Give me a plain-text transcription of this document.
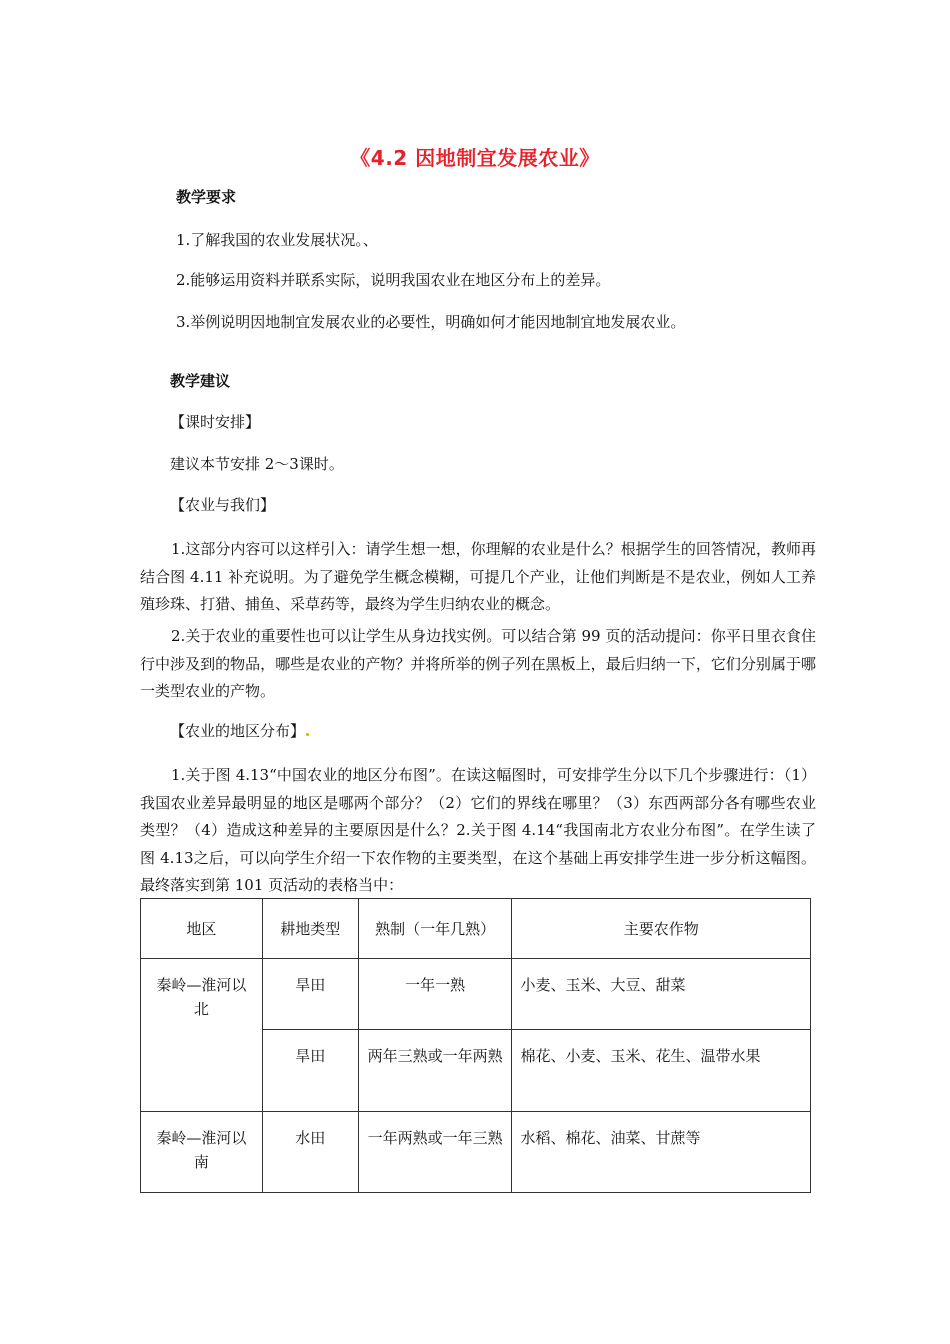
《4.2 因地制宜发展农业》
教学要求
1.了解我国的农业发展状况。、
2.能够运用资料并联系实际，说明我国农业在地区分布上的差异。
3.举例说明因地制宜发展农业的必要性，明确如何才能因地制宜地发展农业。
教学建议
【课时安排】
建议本节安排 2～3课时。
【农业与我们】
1.这部分内容可以这样引入：请学生想一想，你理解的农业是什么？根据学生的回答情况，教师再结合图 4.11 补充说明。为了避免学生概念模糊，可提几个产业，让他们判断是不是农业，例如人工养殖珍珠、打猎、捕鱼、采草药等，最终为学生归纳农业的概念。
2.关于农业的重要性也可以让学生从身边找实例。可以结合第 99 页的活动提问：你平日里衣食住行中涉及到的物品，哪些是农业的产物？并将所举的例子列在黑板上，最后归纳一下，它们分别属于哪一类型农业的产物。
【农业的地区分布】
1.关于图 4.13“中国农业的地区分布图”。在读这幅图时，可安排学生分以下几个步骤进行：（1）我国农业差异最明显的地区是哪两个部分？（2）它们的界线在哪里？（3）东西两部分各有哪些农业类型？（4）造成这种差异的主要原因是什么？2.关于图 4.14“我国南北方农业分布图”。在学生读了图 4.13之后，可以向学生介绍一下农作物的主要类型，在这个基础上再安排学生进一步分析这幅图。最终落实到第 101 页活动的表格当中：
地区	耕地类型	熟制（一年几熟）	主要农作物
秦岭—淮河以北	旱田	一年一熟	小麦、玉米、大豆、甜菜
	旱田	两年三熟或一年两熟	棉花、小麦、玉米、花生、温带水果
秦岭—淮河以南	水田	一年两熟或一年三熟	水稻、棉花、油菜、甘蔗等
